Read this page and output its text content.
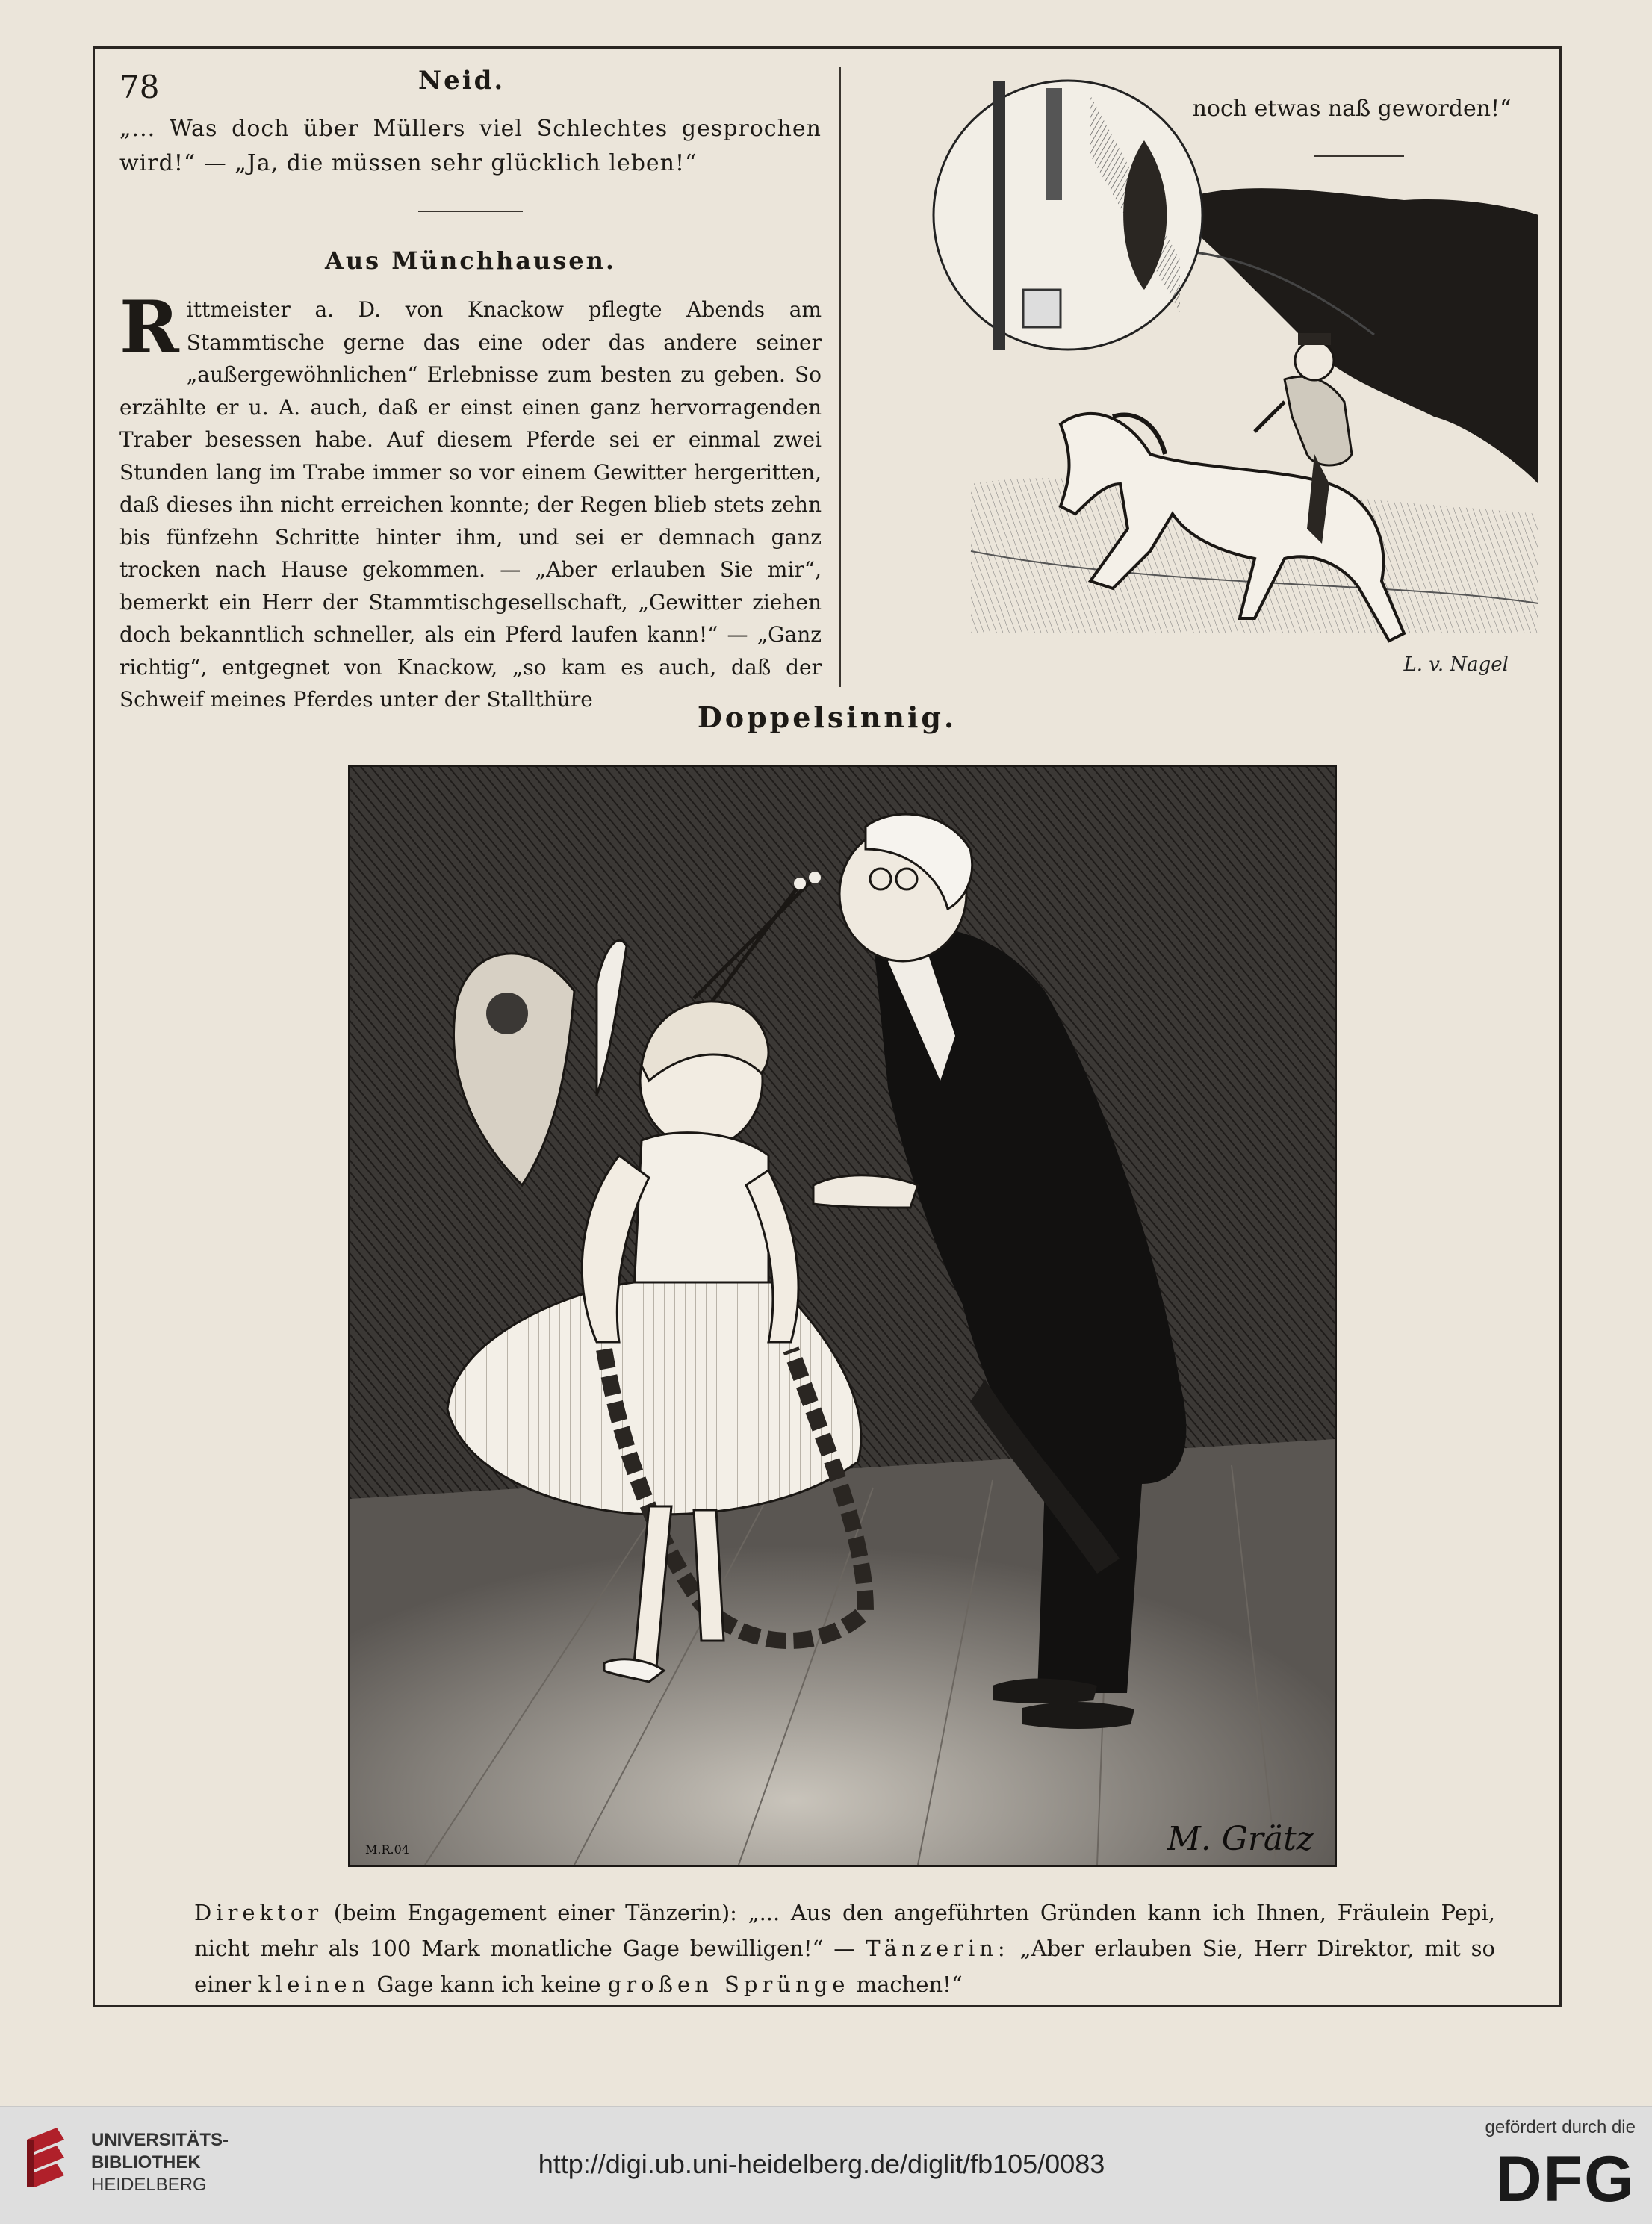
78	Neid.
„... Was doch über Müllers viel Schlechtes gesprochen wird!“ — „Ja, die müssen sehr glücklich leben!“
Aus Münchhausen.
R ittmeister a. D. von Knackow pflegte Abends am Stammtische gerne das eine oder das andere seiner „außergewöhnlichen“ Erlebnisse zum besten zu geben. So erzählte er u. A. auch, daß er einst einen ganz hervorragenden Traber besessen habe. Auf diesem Pferde sei er einmal zwei Stunden lang im Trabe immer so vor einem Gewitter hergeritten, daß dieses ihn nicht erreichen konnte; der Regen blieb stets zehn bis fünfzehn Schritte hinter ihm, und sei er demnach ganz trocken nach Hause gekommen. — „Aber erlauben Sie mir“, bemerkt ein Herr der Stammtischgesellschaft, „Gewitter ziehen doch bekanntlich schneller, als ein Pferd laufen kann!“ — „Ganz richtig“, entgegnet von Knackow, „so kam es auch, daß der Schweif meines Pferdes unter der Stallthüre
noch etwas naß geworden!“
L. v. Nagel
Doppelsinnig.
M. Grätz
M.R.04
Direktor (beim Engagement einer Tänzerin): „... Aus den angeführten Gründen kann ich Ihnen, Fräulein Pepi, nicht mehr als 100 Mark monatliche Gage bewilligen!“ — Tänzerin: „Aber erlauben Sie, Herr Direktor, mit so einer kleinen Gage kann ich keine großen Sprünge machen!“
UNIVERSITÄTS-
BIBLIOTHEK
HEIDELBERG
http://digi.ub.uni-heidelberg.de/diglit/fb105/0083
gefördert durch die
DFG
